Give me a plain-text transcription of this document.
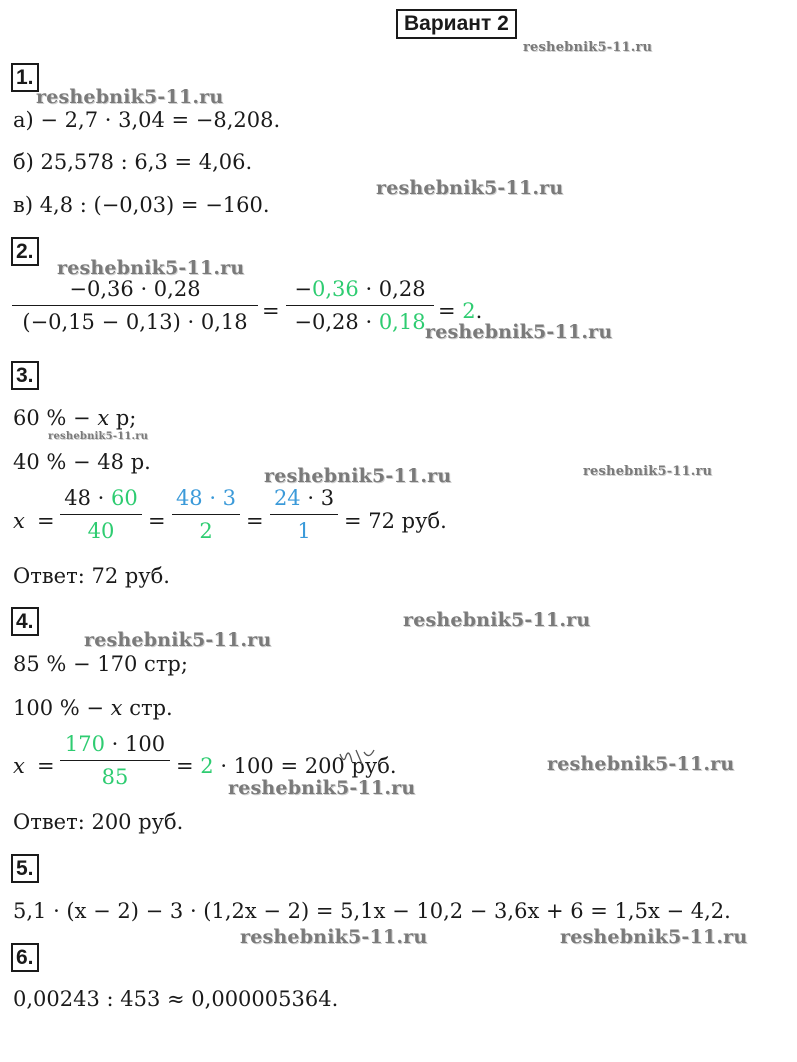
Вариант 2
1.
а) − 2,7 · 3,04 = −8,208.
б) 25,578 : 6,3 = 4,06.
в) 4,8 : (−0,03) = −160.
2.
−0,36 · 0,28
(−0,15 − 0,13) · 0,18 =
−0,36 · 0,28
−0,28 · 0,18 = 2.
3.
60 % − x р;
40 % − 48 р.
x =
48 · 60
40	=
48 · 3
2	=
24 · 3
1	= 72 руб.
Ответ: 72 руб.
4.
85 % − 170 стр;
100 % − x стр.
x =
170 · 100
85	= 2 · 100 = 200 руб.
Ответ: 200 руб.
5.
5,1 · (x − 2) − 3 · (1,2x − 2) = 5,1x − 10,2 − 3,6x + 6 = 1,5x − 4,2.
6.
0,00243 : 453 ≈ 0,000005364.
reshebnik5-11.ru
reshebnik5-11.ru
reshebnik5-11.ru
reshebnik5-11.ru
reshebnik5-11.ru
reshebnik5-11.ru
reshebnik5-11.ru	reshebnik5-11.ru
reshebnik5-11.ru
reshebnik5-11.ru
reshebnik5-11.ru
reshebnik5-11.ru
reshebnik5-11.ru	reshebnik5-11.ru
